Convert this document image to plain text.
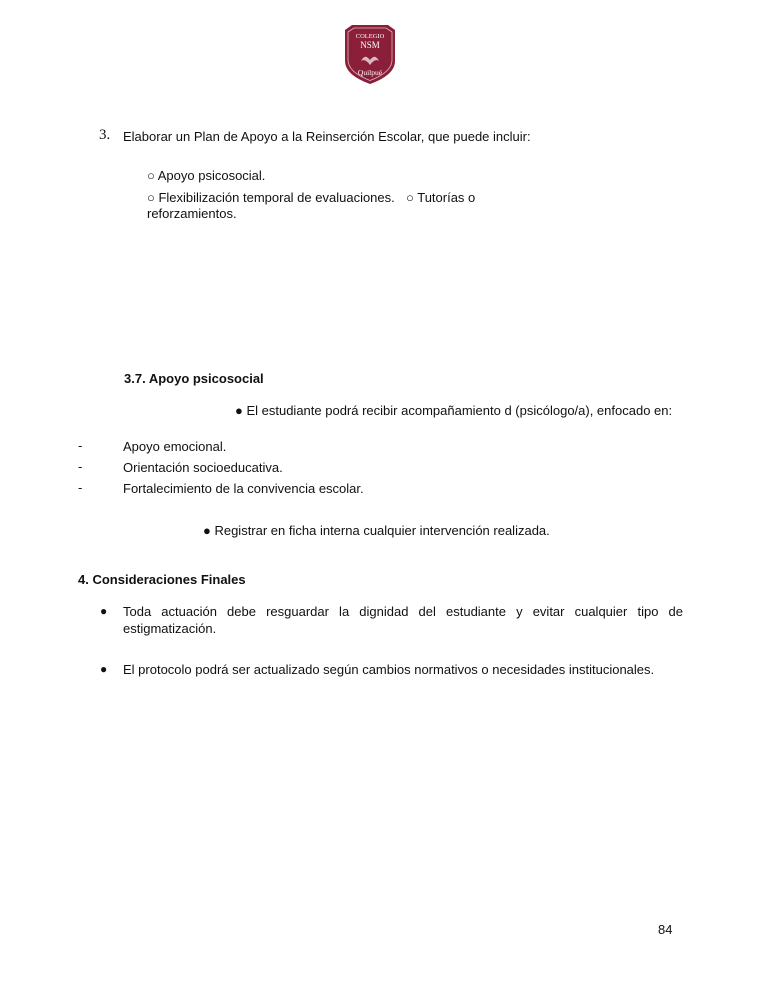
COLEGIO
NSM
Quilpué
3. Elaborar un Plan de Apoyo a la Reinserción Escolar, que puede incluir:
○ Apoyo psicosocial.
○ Flexibilización temporal de evaluaciones. ○ Tutorías o
reforzamientos.
3.7. Apoyo psicosocial
● El estudiante podrá recibir acompañamiento d (psicólogo/a), enfocado en:
-	Apoyo emocional.
-	Orientación socioeducativa.
-	Fortalecimiento de la convivencia escolar.
● Registrar en ficha interna cualquier intervención realizada.
4. Consideraciones Finales
● Toda actuación debe resguardar la dignidad del estudiante y evitar cualquier tipo de estigmatización.
● El protocolo podrá ser actualizado según cambios normativos o necesidades institucionales.
84
